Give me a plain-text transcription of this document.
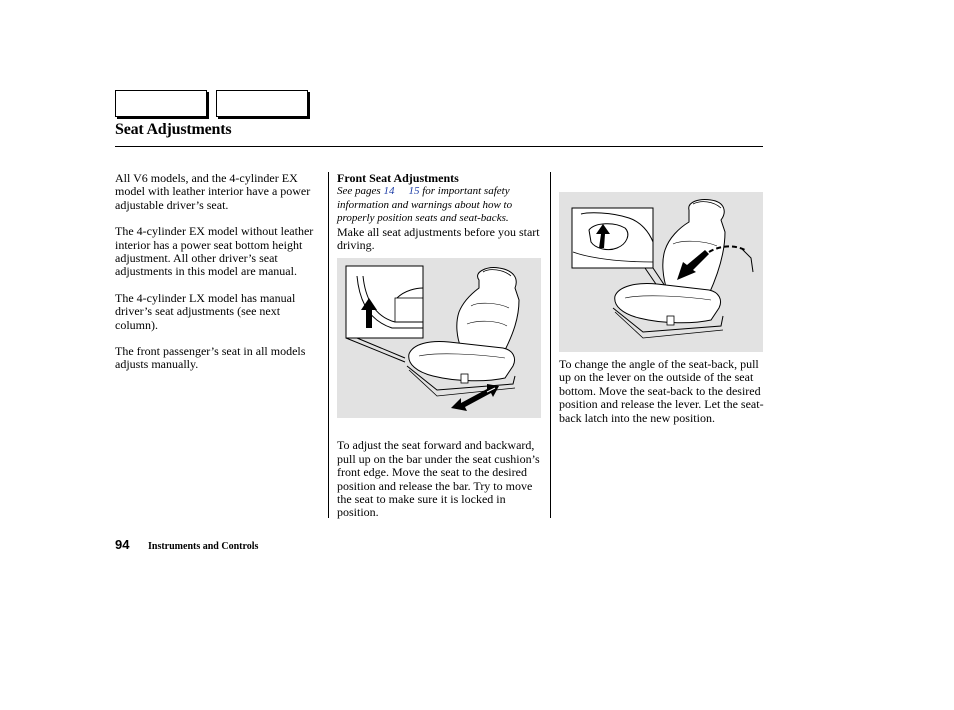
Seat Adjustments

All V6 models, and the 4-cylinder EX model with leather interior have a power adjustable driver’s seat.

The 4-cylinder EX model without leather interior has a power seat bottom height adjustment. All other driver’s seat adjustments in this model are manual.

The 4-cylinder LX model has manual driver’s seat adjustments (see next column).

The front passenger’s seat in all models adjusts manually.

Front Seat Adjustments
See pages 14 15 for important safety information and warnings about how to properly position seats and seat-backs.
Make all seat adjustments before you start driving.
To adjust the seat forward and backward, pull up on the bar under the seat cushion’s front edge. Move the seat to the desired position and release the bar. Try to move the seat to make sure it is locked in position.
To change the angle of the seat-back, pull up on the lever on the outside of the seat bottom. Move the seat-back to the desired position and release the lever. Let the seat-back latch into the new position.
94 Instruments and Controls
